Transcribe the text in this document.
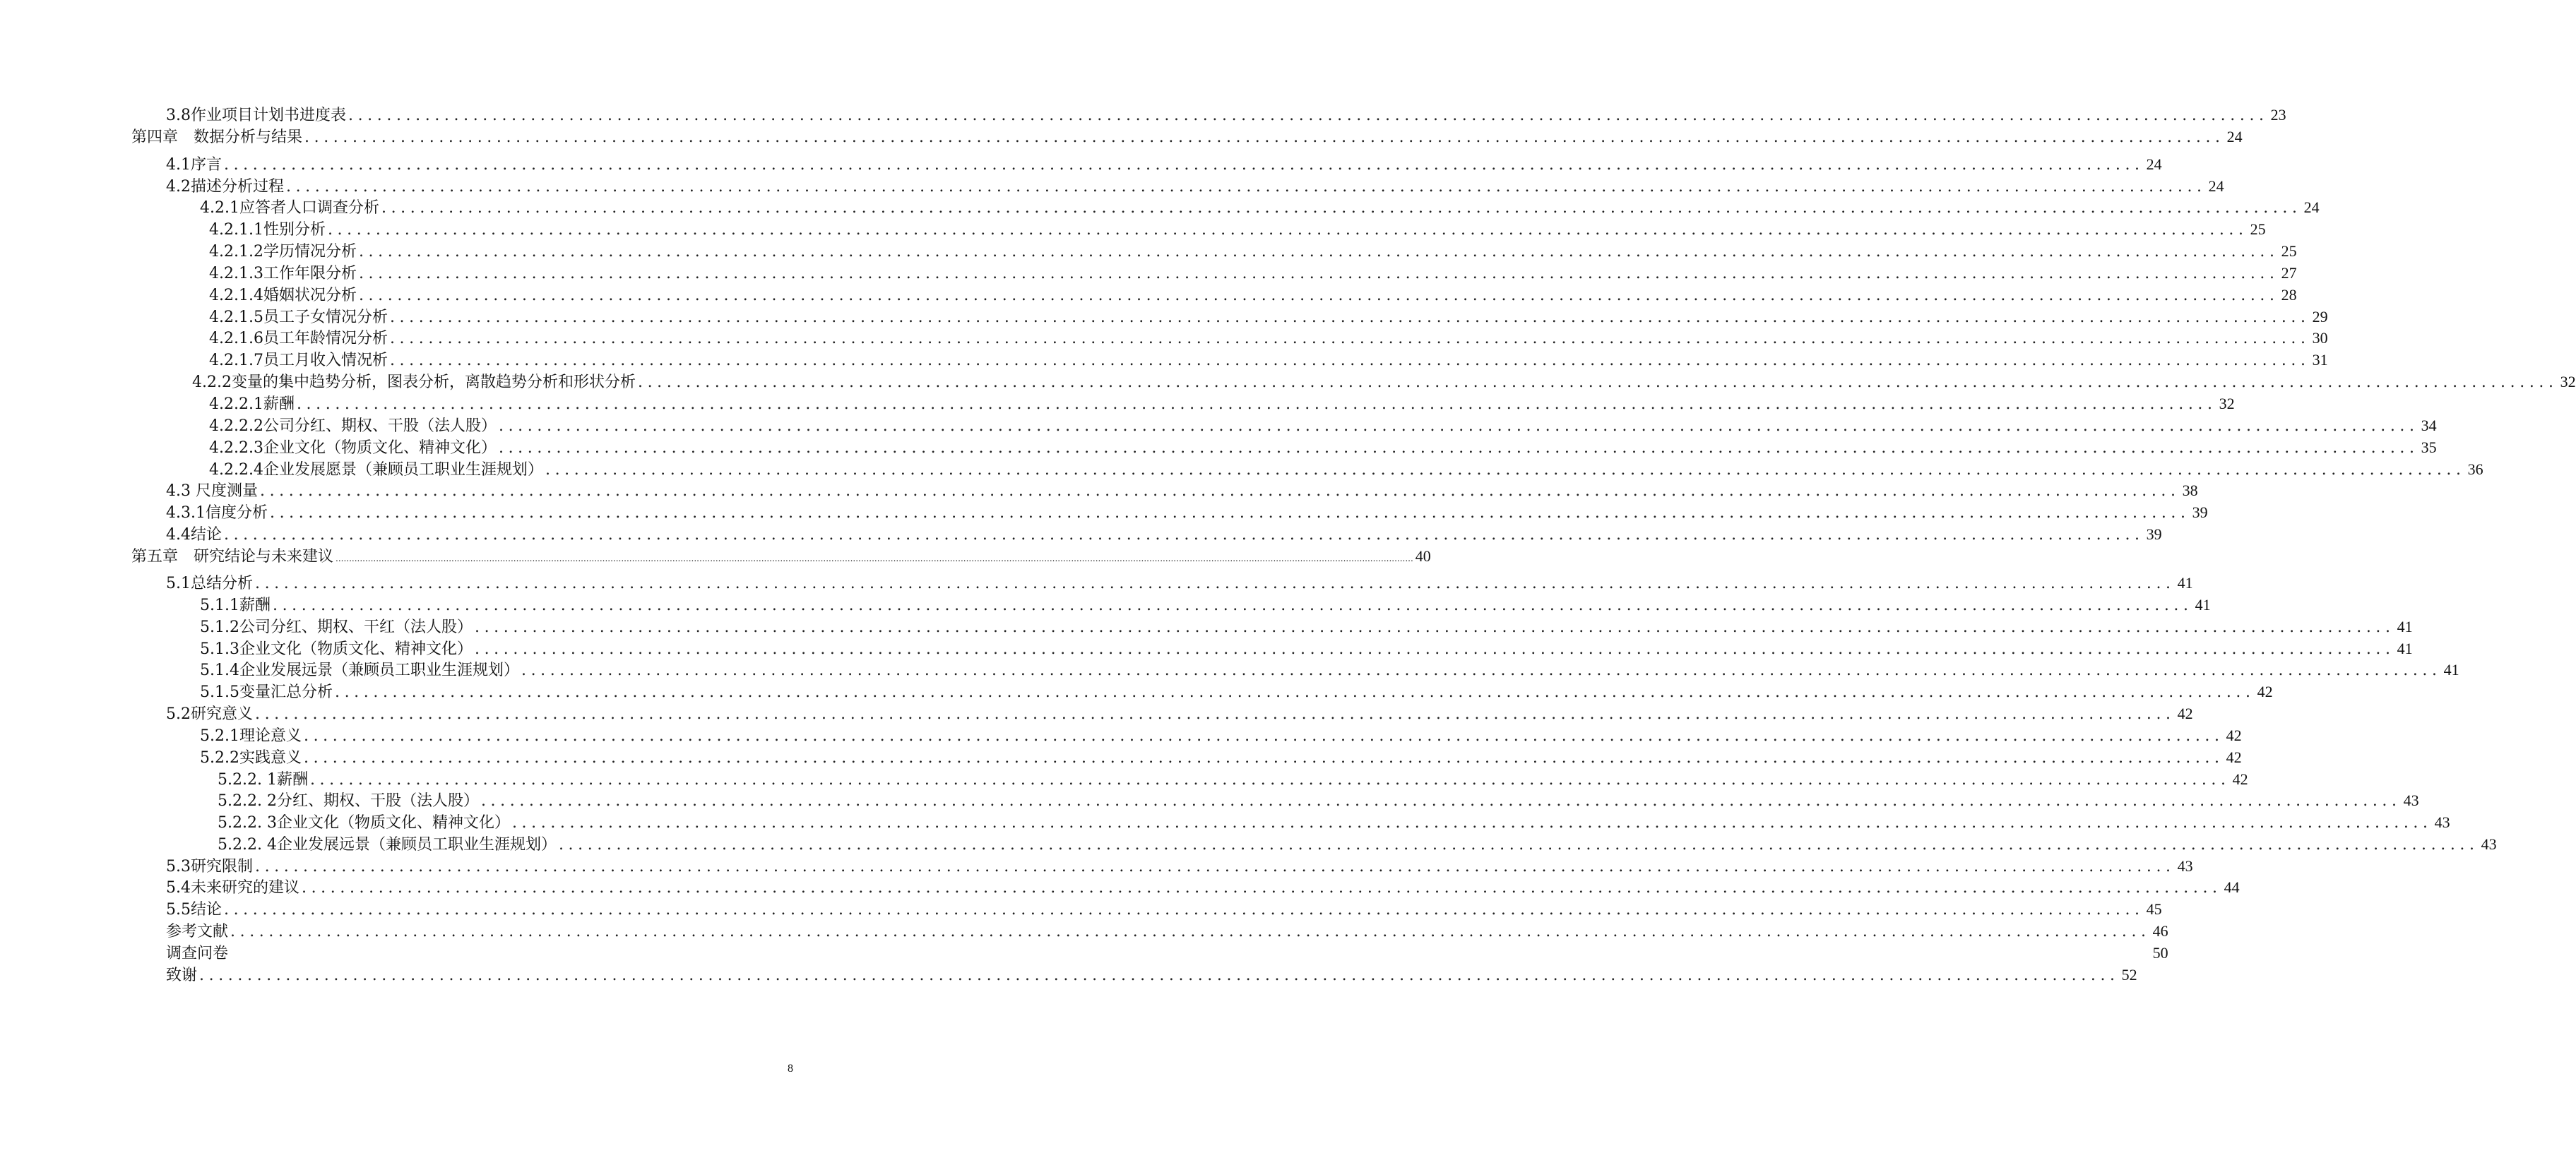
3.8作业项目计划书进度表 ........................................................................................................................................................................................................ 23
第四章　数据分析与结果 ........................................................................................................................................................................................................ 24
4.1序言 ........................................................................................................................................................................................................ 24
4.2描述分析过程 ........................................................................................................................................................................................................ 24
4.2.1应答者人口调查分析 ........................................................................................................................................................................................................ 24
4.2.1.1性别分析 ........................................................................................................................................................................................................ 25
4.2.1.2学历情况分析 ........................................................................................................................................................................................................ 25
4.2.1.3工作年限分析 ........................................................................................................................................................................................................ 27
4.2.1.4婚姻状况分析 ........................................................................................................................................................................................................ 28
4.2.1.5员工子女情况分析 ........................................................................................................................................................................................................ 29
4.2.1.6员工年龄情况分析 ........................................................................................................................................................................................................ 30
4.2.1.7员工月收入情况析 ........................................................................................................................................................................................................ 31
4.2.2变量的集中趋势分析，图表分析，离散趋势分析和形状分析 ........................................................................................................................................................................................................ 32
4.2.2.1薪酬 ........................................................................................................................................................................................................ 32
4.2.2.2公司分红、期权、干股（法人股） ........................................................................................................................................................................................................ 34
4.2.2.3企业文化（物质文化、精神文化） ........................................................................................................................................................................................................ 35
4.2.2.4企业发展愿景（兼顾员工职业生涯规划） ........................................................................................................................................................................................................ 36
4.3 尺度测量 ........................................................................................................................................................................................................ 38
4.3.1信度分析 ........................................................................................................................................................................................................ 39
4.4结论 ........................................................................................................................................................................................................ 39
第五章　研究结论与未来建议 ................................................................................................................................................................................................................................................................................................................................................................................................................ 40
5.1总结分析 ........................................................................................................................................................................................................ 41
5.1.1薪酬 ........................................................................................................................................................................................................ 41
5.1.2公司分红、期权、干红（法人股） ........................................................................................................................................................................................................ 41
5.1.3企业文化（物质文化、精神文化） ........................................................................................................................................................................................................ 41
5.1.4企业发展远景（兼顾员工职业生涯规划） ........................................................................................................................................................................................................ 41
5.1.5变量汇总分析 ........................................................................................................................................................................................................ 42
5.2研究意义 ........................................................................................................................................................................................................ 42
5.2.1理论意义 ........................................................................................................................................................................................................ 42
5.2.2实践意义 ........................................................................................................................................................................................................ 42
5.2.2. 1薪酬 ........................................................................................................................................................................................................ 42
5.2.2. 2分红、期权、干股（法人股） ........................................................................................................................................................................................................ 43
5.2.2. 3企业文化（物质文化、精神文化） ........................................................................................................................................................................................................ 43
5.2.2. 4企业发展远景（兼顾员工职业生涯规划） ........................................................................................................................................................................................................ 43
5.3研究限制 ........................................................................................................................................................................................................ 43
5.4未来研究的建议 ........................................................................................................................................................................................................ 44
5.5结论 ........................................................................................................................................................................................................ 45
参考文献 ........................................................................................................................................................................................................ 46
调查问卷	50
致谢 ........................................................................................................................................................................................................ 52
8
